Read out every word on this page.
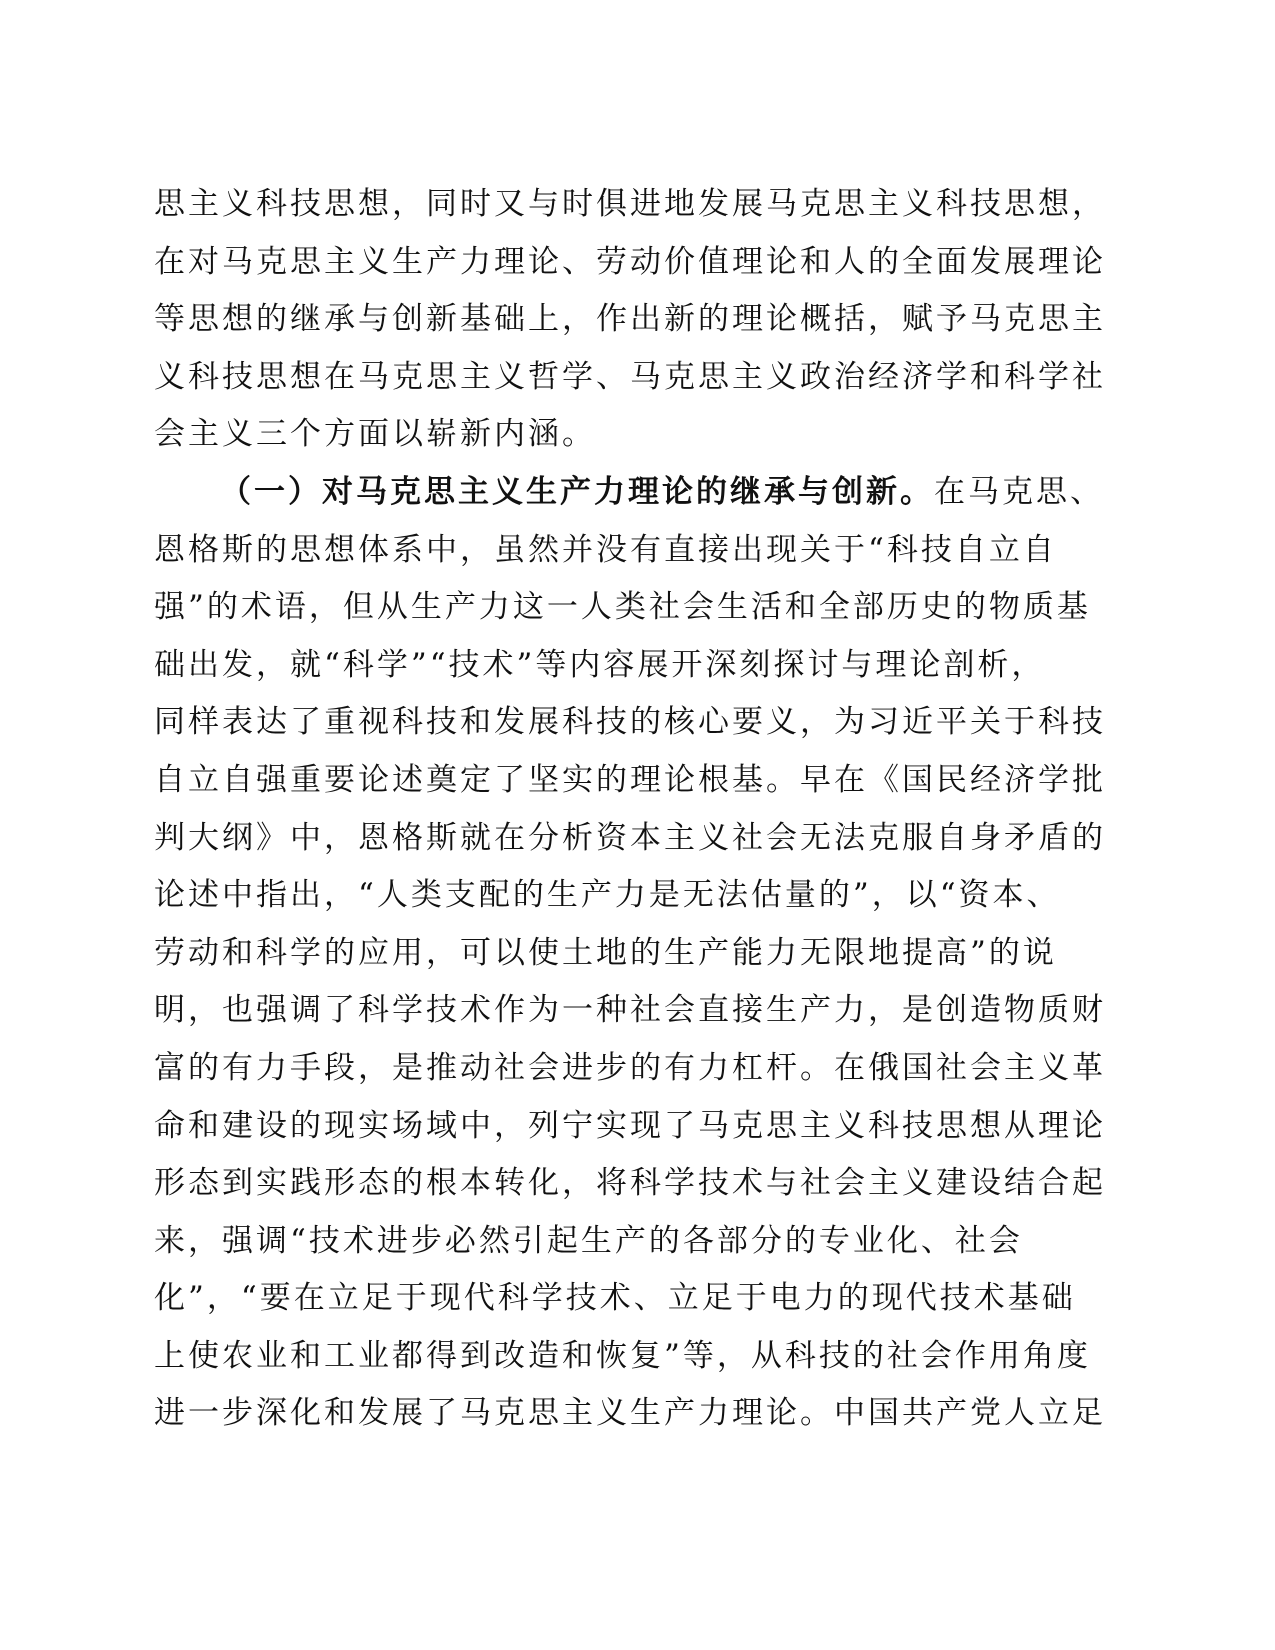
思主义科技思想，同时又与时俱进地发展马克思主义科技思想，
在对马克思主义生产力理论、劳动价值理论和人的全面发展理论
等思想的继承与创新基础上，作出新的理论概括，赋予马克思主
义科技思想在马克思主义哲学、马克思主义政治经济学和科学社
会主义三个方面以崭新内涵。
（一）对马克思主义生产力理论的继承与创新。在马克思、
恩格斯的思想体系中，虽然并没有直接出现关于“科技自立自
强”的术语，但从生产力这一人类社会生活和全部历史的物质基
础出发，就“科学”“技术”等内容展开深刻探讨与理论剖析，
同样表达了重视科技和发展科技的核心要义，为习近平关于科技
自立自强重要论述奠定了坚实的理论根基。早在《国民经济学批
判大纲》中，恩格斯就在分析资本主义社会无法克服自身矛盾的
论述中指出，“人类支配的生产力是无法估量的”，以“资本、
劳动和科学的应用，可以使土地的生产能力无限地提高”的说
明，也强调了科学技术作为一种社会直接生产力，是创造物质财
富的有力手段，是推动社会进步的有力杠杆。在俄国社会主义革
命和建设的现实场域中，列宁实现了马克思主义科技思想从理论
形态到实践形态的根本转化，将科学技术与社会主义建设结合起
来，强调“技术进步必然引起生产的各部分的专业化、社会
化”，“要在立足于现代科学技术、立足于电力的现代技术基础
上使农业和工业都得到改造和恢复”等，从科技的社会作用角度
进一步深化和发展了马克思主义生产力理论。中国共产党人立足
